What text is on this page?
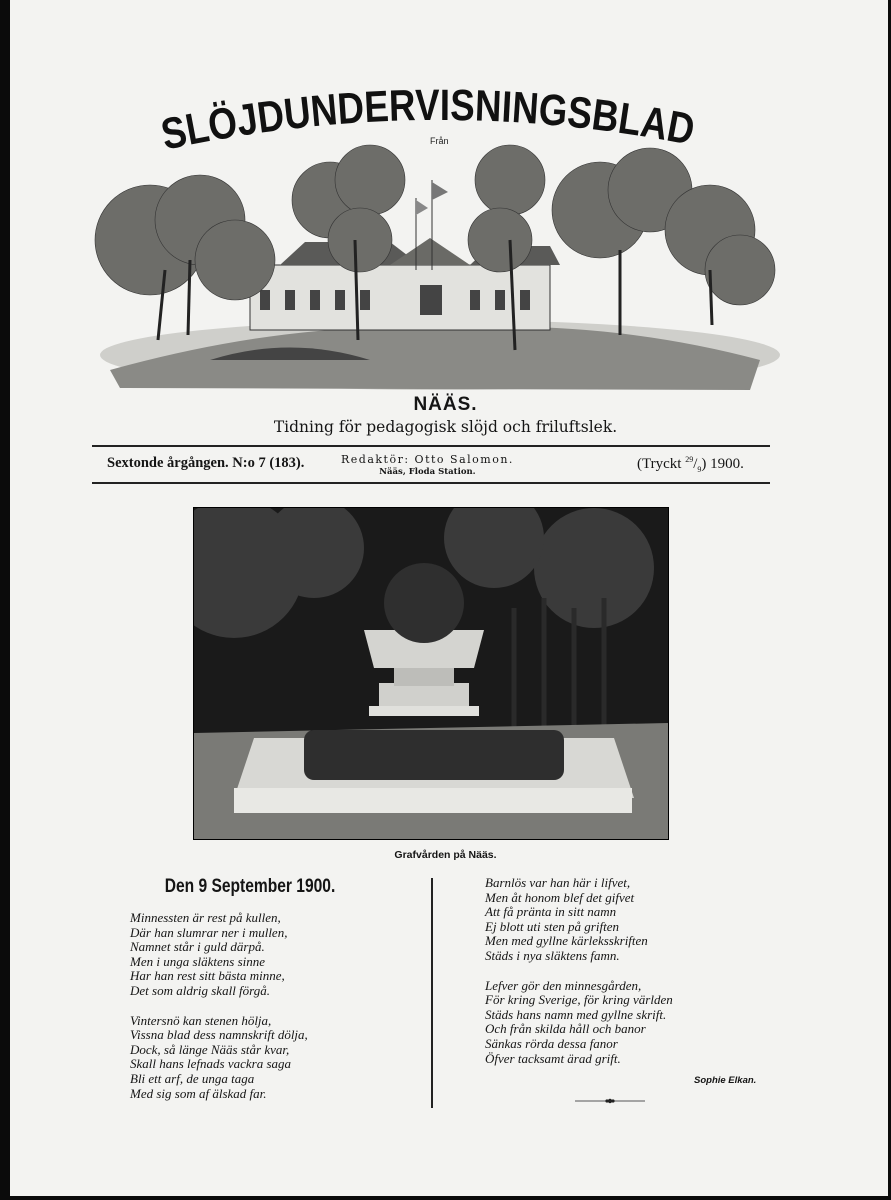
SLÖJDUNDERVISNINGSBLAD
Från
NÄÄS.
Tidning för pedagogisk slöjd och friluftslek.
Sextonde årgången. N:o 7 (183).	Redaktör: Otto Salomon.
Nääs, Floda Station.	(Tryckt $^{29}/_9$) 1900.
Grafvården på Nääs.
Den 9 September 1900.
Minnessten är rest på kullen,
Där han slumrar ner i mullen,
Namnet står i guld därpå.
Men i unga släktens sinne
Har han rest sitt bästa minne,
Det som aldrig skall förgå.
Vintersnö kan stenen hölja,
Vissna blad dess namnskrift dölja,
Dock, så länge Nääs står kvar,
Skall hans lefnads vackra saga
Bli ett arf, de unga taga
Med sig som af älskad far.
Barnlös var han här i lifvet,
Men åt honom blef det gifvet
Att få pränta in sitt namn
Ej blott uti sten på griften
Men med gyllne kärleksskriften
Städs i nya släktens famn.
Lefver gör den minnesgården,
För kring Sverige, för kring världen
Städs hans namn med gyllne skrift.
Och från skilda håll och banor
Sänkas rörda dessa fanor
Öfver tacksamt ärad grift.
Sophie Elkan.
